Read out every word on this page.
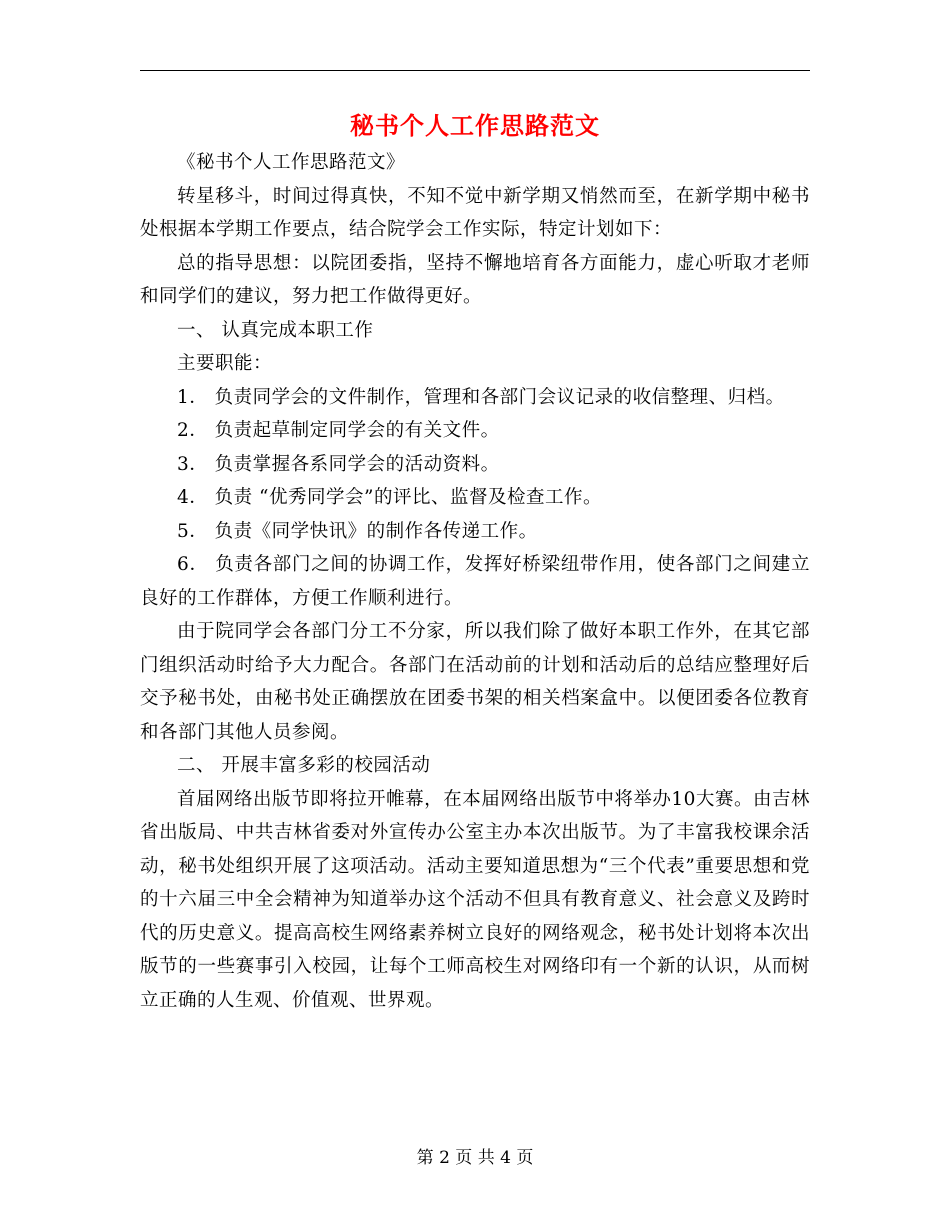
秘书个人工作思路范文

《秘书个人工作思路范文》

转星移斗，时间过得真快，不知不觉中新学期又悄然而至，在新学期中秘书处根据本学期工作要点，结合院学会工作实际，特定计划如下：

总的指导思想：以院团委指，坚持不懈地培育各方面能力，虚心听取才老师和同学们的建议，努力把工作做得更好。

一、 认真完成本职工作

主要职能：

1． 负责同学会的文件制作，管理和各部门会议记录的收信整理、归档。

2． 负责起草制定同学会的有关文件。

3． 负责掌握各系同学会的活动资料。

4． 负责 “优秀同学会”的评比、监督及检查工作。

5． 负责《同学快讯》的制作各传递工作。

6． 负责各部门之间的协调工作，发挥好桥梁纽带作用，使各部门之间建立良好的工作群体，方便工作顺利进行。

由于院同学会各部门分工不分家，所以我们除了做好本职工作外，在其它部门组织活动时给予大力配合。各部门在活动前的计划和活动后的总结应整理好后交予秘书处，由秘书处正确摆放在团委书架的相关档案盒中。以便团委各位教育和各部门其他人员参阅。

二、 开展丰富多彩的校园活动

首届网络出版节即将拉开帷幕，在本届网络出版节中将举办10大赛。由吉林省出版局、中共吉林省委对外宣传办公室主办本次出版节。为了丰富我校课余活动，秘书处组织开展了这项活动。活动主要知道思想为“三个代表”重要思想和党的十六届三中全会精神为知道举办这个活动不但具有教育意义、社会意义及跨时代的历史意义。提高高校生网络素养树立良好的网络观念，秘书处计划将本次出版节的一些赛事引入校园，让每个工师高校生对网络印有一个新的认识，从而树立正确的人生观、价值观、世界观。

第 2 页 共 4 页
